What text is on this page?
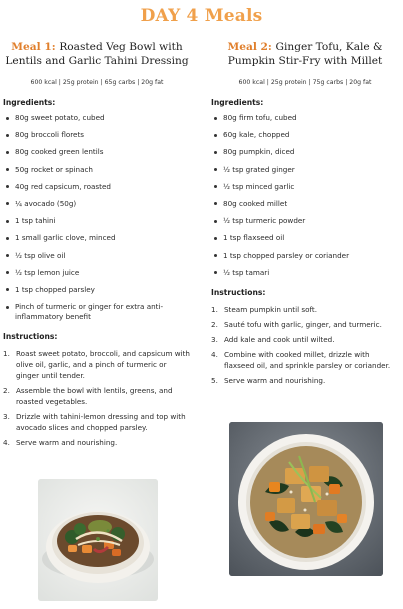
DAY 4 Meals

Meal 1: Roasted Veg Bowl with Lentils and Garlic Tahini Dressing

600 kcal | 25g protein | 65g carbs | 20g fat
Ingredients:
80g sweet potato, cubed
80g broccoli florets
80g cooked green lentils
50g rocket or spinach
40g red capsicum, roasted
¼ avocado (50g)
1 tsp tahini
1 small garlic clove, minced
½ tsp olive oil
½ tsp lemon juice
1 tsp chopped parsley
Pinch of turmeric or ginger for extra anti-inflammatory benefit
Instructions:
1. Roast sweet potato, broccoli, and capsicum with olive oil, garlic, and a pinch of turmeric or ginger until tender.
2. Assemble the bowl with lentils, greens, and roasted vegetables.
3. Drizzle with tahini-lemon dressing and top with avocado slices and chopped parsley.
4. Serve warm and nourishing.

Meal 2: Ginger Tofu, Kale & Pumpkin Stir-Fry with Millet

600 kcal | 25g protein | 75g carbs | 20g fat
Ingredients:
80g firm tofu, cubed
60g kale, chopped
80g pumpkin, diced
½ tsp grated ginger
½ tsp minced garlic
80g cooked millet
½ tsp turmeric powder
1 tsp flaxseed oil
1 tsp chopped parsley or coriander
½ tsp tamari
Instructions:
1. Steam pumpkin until soft.
2. Sauté tofu with garlic, ginger, and turmeric.
3. Add kale and cook until wilted.
4. Combine with cooked millet, drizzle with flaxseed oil, and sprinkle parsley or coriander.
5. Serve warm and nourishing.
